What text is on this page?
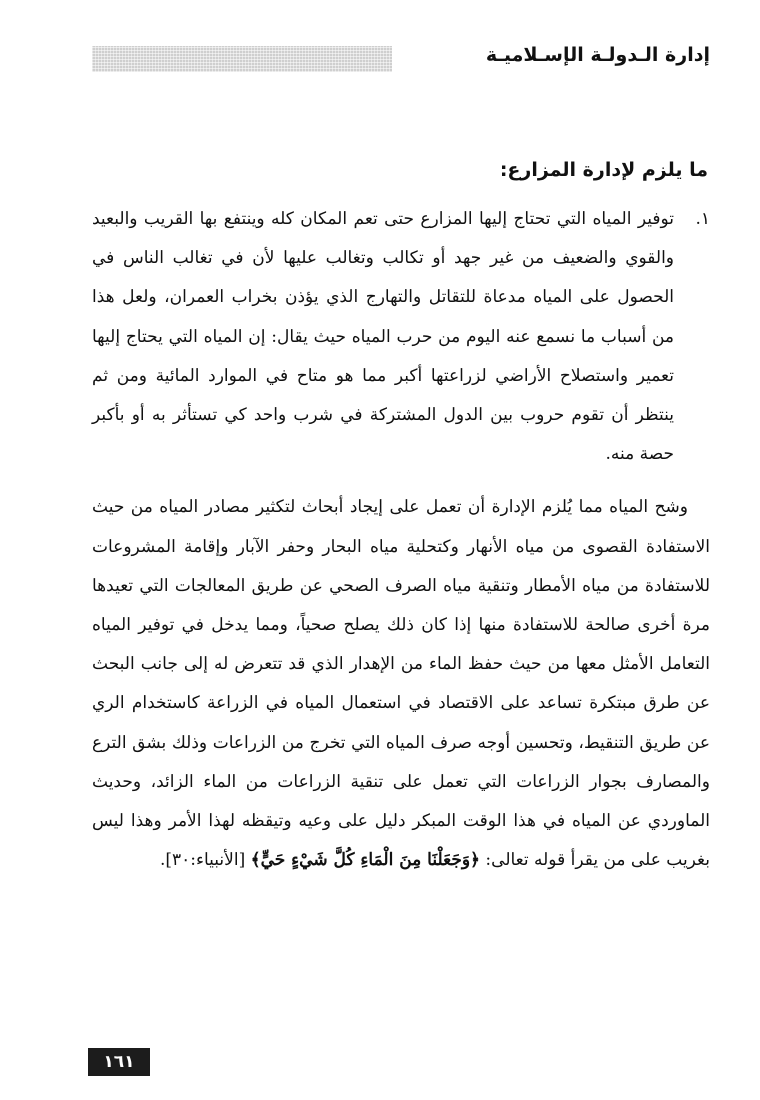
إدارة الـدولـة الإسـلاميـة
ما يلزم لإدارة المزارع:
١.
توفير المياه التي تحتاج إليها المزارع حتى تعم المكان كله وينتفع بها القريب والبعيد والقوي والضعيف من غير جهد أو تكالب وتغالب عليها لأن في تغالب الناس في الحصول على المياه مدعاة للتقاتل والتهارج الذي يؤذن بخراب العمران، ولعل هذا من أسباب ما نسمع عنه اليوم من حرب المياه حيث يقال: إن المياه التي يحتاج إليها تعمير واستصلاح الأراضي لزراعتها أكبر مما هو متاح في الموارد المائية ومن ثم ينتظر أن تقوم حروب بين الدول المشتركة في شرب واحد كي تستأثر به أو بأكبر حصة منه.
وشح المياه مما يُلزم الإدارة أن تعمل على إيجاد أبحاث لتكثير مصادر المياه من حيث الاستفادة القصوى من مياه الأنهار وكتحلية مياه البحار وحفر الآبار وإقامة المشروعات للاستفادة من مياه الأمطار وتنقية مياه الصرف الصحي عن طريق المعالجات التي تعيدها مرة أخرى صالحة للاستفادة منها إذا كان ذلك يصلح صحياً، ومما يدخل في توفير المياه التعامل الأمثل معها من حيث حفظ الماء من الإهدار الذي قد تتعرض له إلى جانب البحث عن طرق مبتكرة تساعد على الاقتصاد في استعمال المياه في الزراعة كاستخدام الري عن طريق التنقيط، وتحسين أوجه صرف المياه التي تخرج من الزراعات وذلك بشق الترع والمصارف بجوار الزراعات التي تعمل على تنقية الزراعات من الماء الزائد، وحديث الماوردي عن المياه في هذا الوقت المبكر دليل على وعيه وتيقظه لهذا الأمر وهذا ليس بغريب على من يقرأ قوله تعالى: ﴿وَجَعَلْنَا مِنَ الْمَاءِ كُلَّ شَيْءٍ حَيٍّ﴾ [الأنبياء:٣٠].
١٦١
